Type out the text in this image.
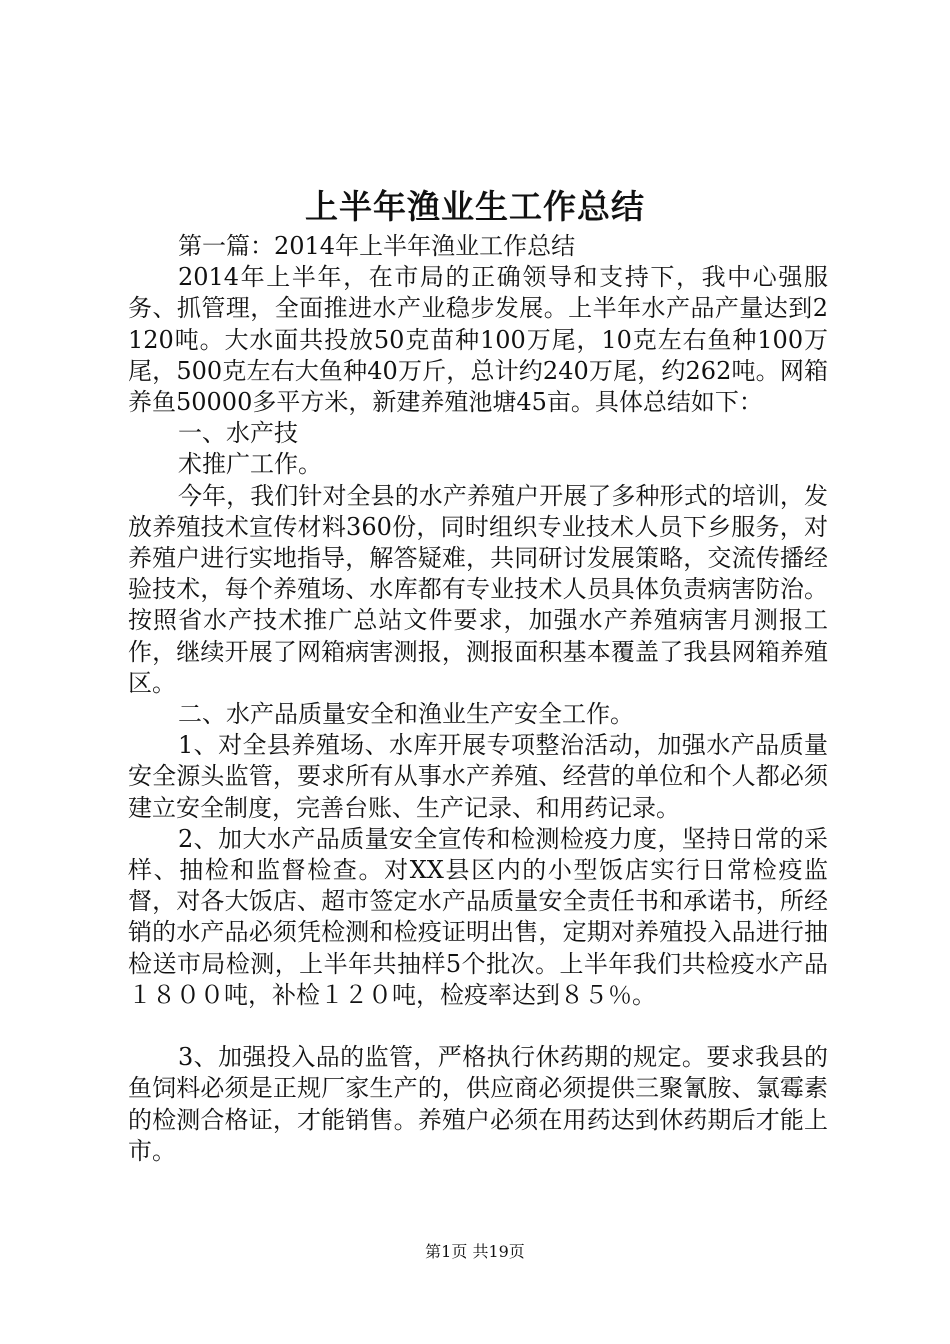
上半年渔业生工作总结

第一篇：2014年上半年渔业工作总结

2014年上半年，在市局的正确领导和支持下，我中心强服务、抓管理，全面推进水产业稳步发展。上半年水产品产量达到2120吨。大水面共投放50克苗种100万尾，10克左右鱼种100万尾，500克左右大鱼种40万斤，总计约240万尾，约262吨。网箱养鱼50000多平方米，新建养殖池塘45亩。具体总结如下：

一、水产技

术推广工作。

今年，我们针对全县的水产养殖户开展了多种形式的培训，发放养殖技术宣传材料360份，同时组织专业技术人员下乡服务，对养殖户进行实地指导，解答疑难，共同研讨发展策略，交流传播经验技术，每个养殖场、水库都有专业技术人员具体负责病害防治。按照省水产技术推广总站文件要求，加强水产养殖病害月测报工作，继续开展了网箱病害测报，测报面积基本覆盖了我县网箱养殖区。

二、水产品质量安全和渔业生产安全工作。

1、对全县养殖场、水库开展专项整治活动，加强水产品质量安全源头监管，要求所有从事水产养殖、经营的单位和个人都必须建立安全制度，完善台账、生产记录、和用药记录。

2、加大水产品质量安全宣传和检测检疫力度，坚持日常的采样、抽检和监督检查。对XX县区内的小型饭店实行日常检疫监督，对各大饭店、超市签定水产品质量安全责任书和承诺书，所经销的水产品必须凭检测和检疫证明出售，定期对养殖投入品进行抽检送市局检测，上半年共抽样5个批次。上半年我们共检疫水产品１８００吨，补检１２０吨，检疫率达到８５％。

3、加强投入品的监管，严格执行休药期的规定。要求我县的鱼饲料必须是正规厂家生产的，供应商必须提供三聚氰胺、氯霉素的检测合格证，才能销售。养殖户必须在用药达到休药期后才能上市。

第1页 共19页
